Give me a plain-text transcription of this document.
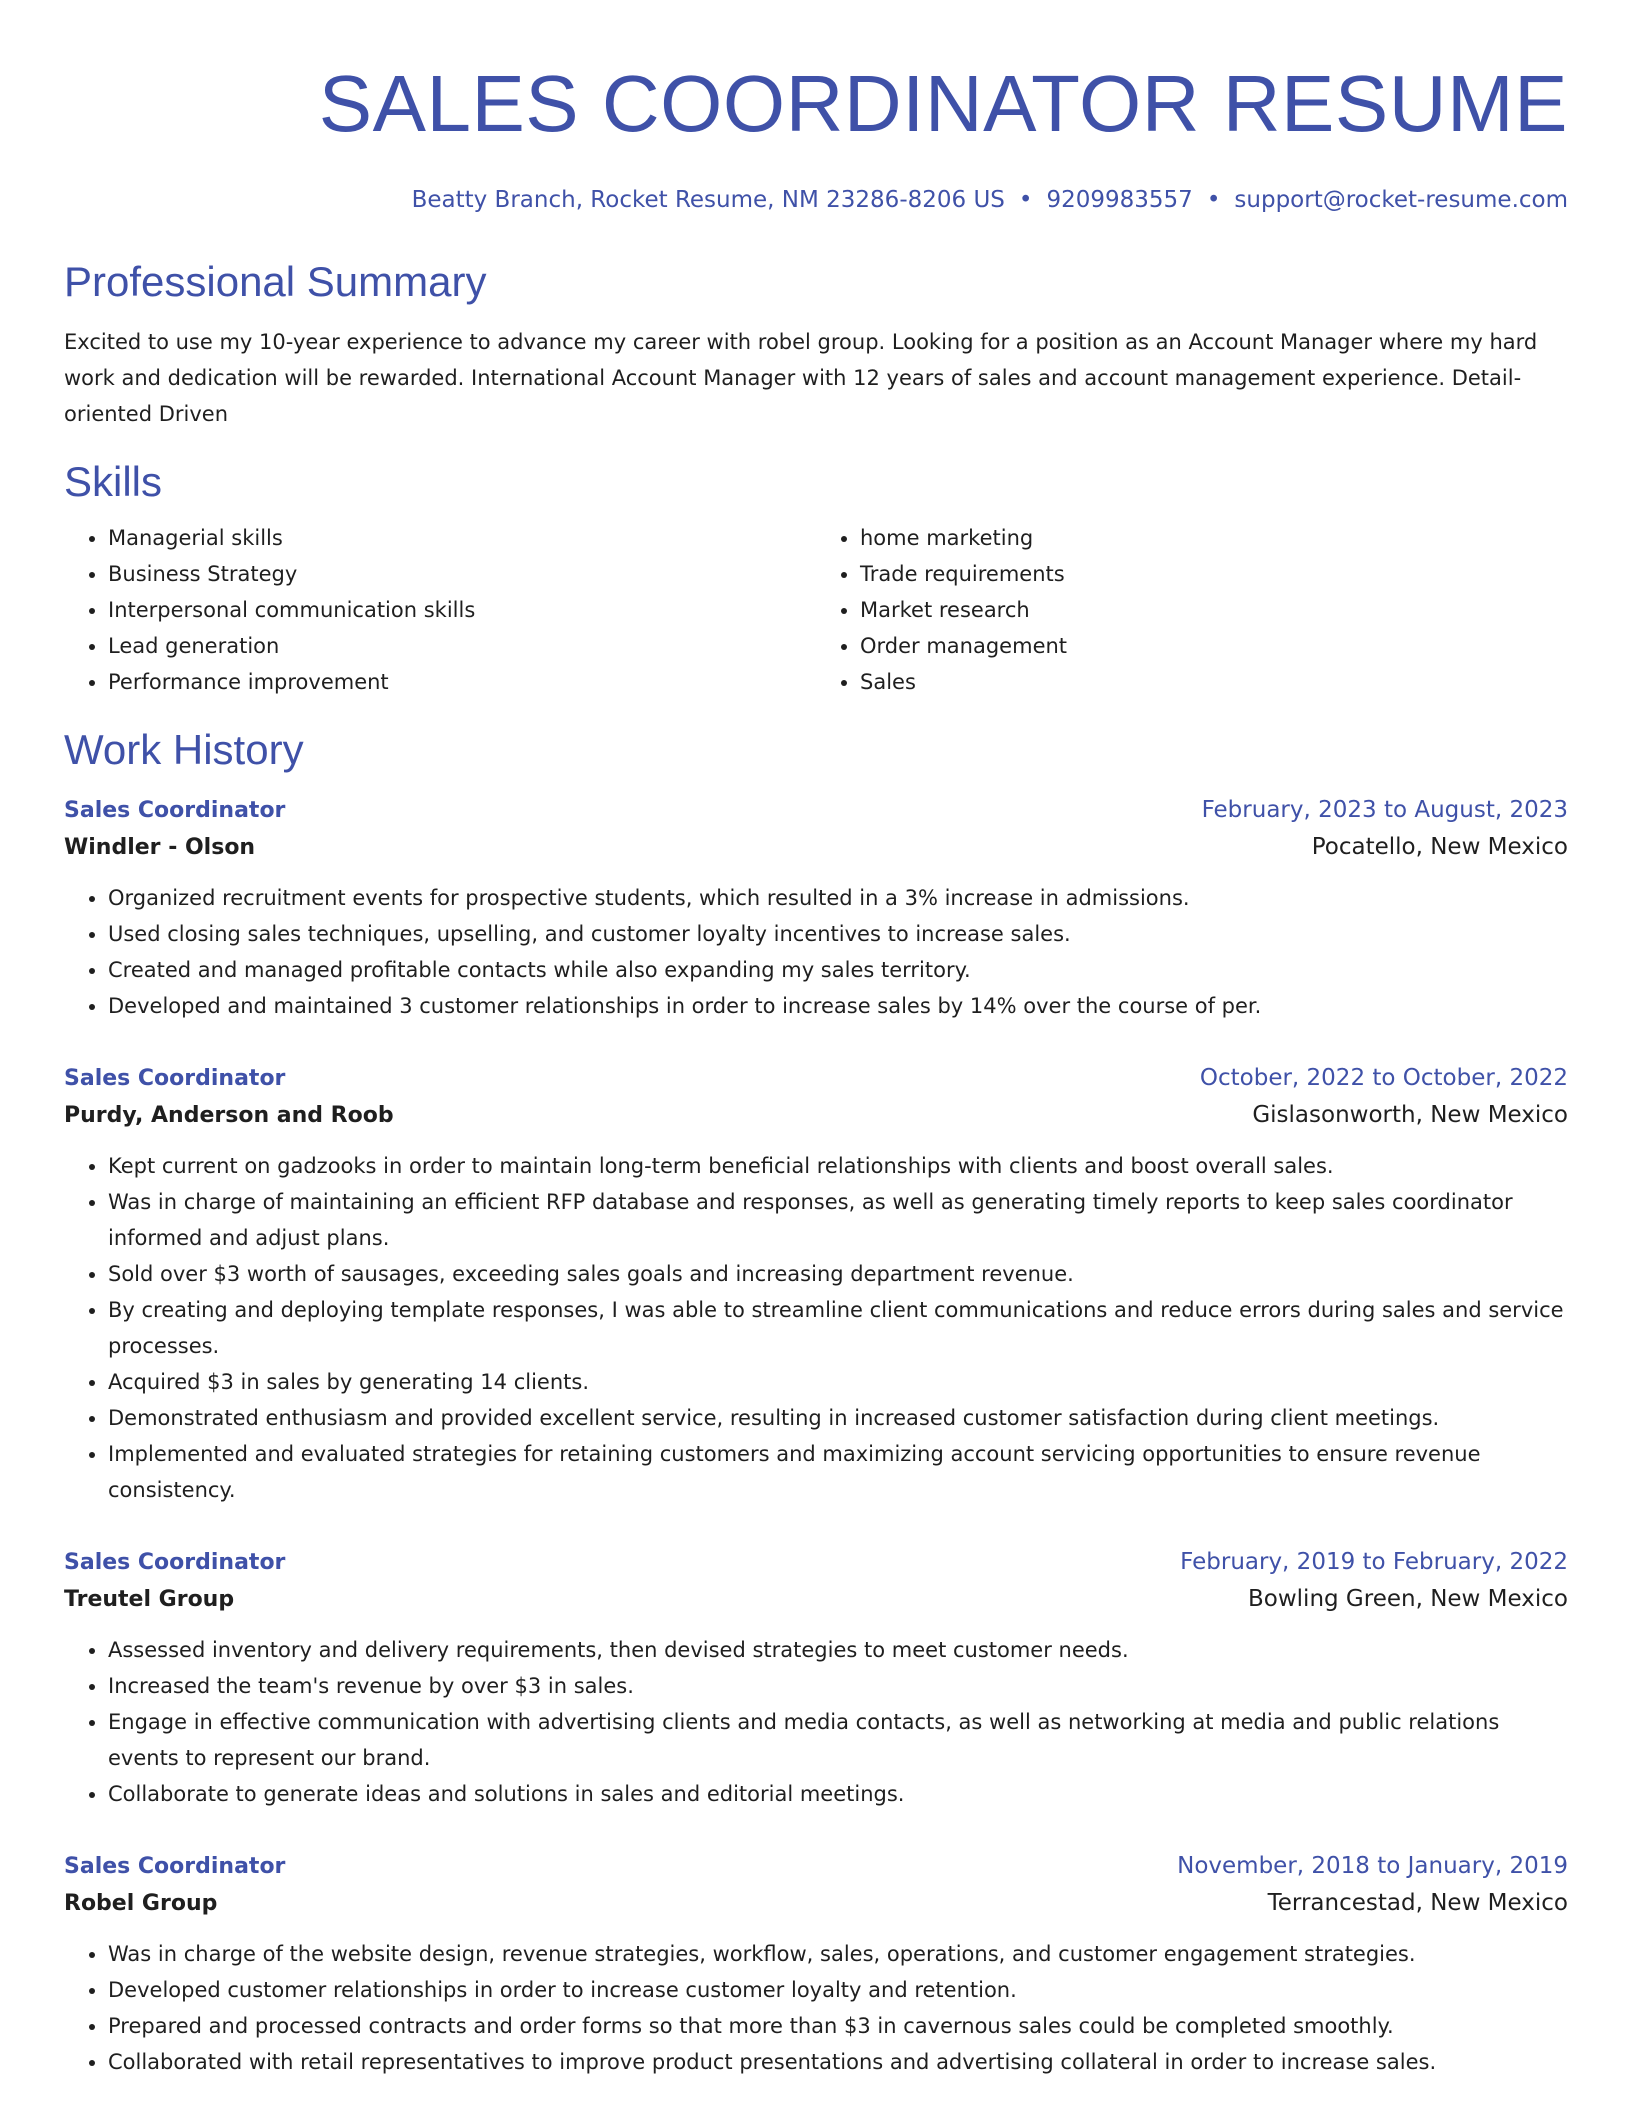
SALES COORDINATOR RESUME
Beatty Branch, Rocket Resume, NM 23286-8206 US • 9209983557 • support@rocket-resume.com
Professional Summary
Excited to use my 10-year experience to advance my career with robel group. Looking for a position as an Account Manager where my hard work and dedication will be rewarded. International Account Manager with 12 years of sales and account management experience. Detail-oriented Driven
Skills
• Managerial skills
• Business Strategy
• Interpersonal communication skills
• Lead generation
• Performance improvement
• home marketing
• Trade requirements
• Market research
• Order management
• Sales
Work History
Sales Coordinator	February, 2023 to August, 2023
Windler - Olson	Pocatello, New Mexico
• Organized recruitment events for prospective students, which resulted in a 3% increase in admissions.
• Used closing sales techniques, upselling, and customer loyalty incentives to increase sales.
• Created and managed profitable contacts while also expanding my sales territory.
• Developed and maintained 3 customer relationships in order to increase sales by 14% over the course of per.
Sales Coordinator	October, 2022 to October, 2022
Purdy, Anderson and Roob	Gislasonworth, New Mexico
• Kept current on gadzooks in order to maintain long-term beneficial relationships with clients and boost overall sales.
• Was in charge of maintaining an efficient RFP database and responses, as well as generating timely reports to keep sales coordinator informed and adjust plans.
• Sold over $3 worth of sausages, exceeding sales goals and increasing department revenue.
• By creating and deploying template responses, I was able to streamline client communications and reduce errors during sales and service processes.
• Acquired $3 in sales by generating 14 clients.
• Demonstrated enthusiasm and provided excellent service, resulting in increased customer satisfaction during client meetings.
• Implemented and evaluated strategies for retaining customers and maximizing account servicing opportunities to ensure revenue consistency.
Sales Coordinator	February, 2019 to February, 2022
Treutel Group	Bowling Green, New Mexico
• Assessed inventory and delivery requirements, then devised strategies to meet customer needs.
• Increased the team's revenue by over $3 in sales.
• Engage in effective communication with advertising clients and media contacts, as well as networking at media and public relations events to represent our brand.
• Collaborate to generate ideas and solutions in sales and editorial meetings.
Sales Coordinator	November, 2018 to January, 2019
Robel Group	Terrancestad, New Mexico
• Was in charge of the website design, revenue strategies, workflow, sales, operations, and customer engagement strategies.
• Developed customer relationships in order to increase customer loyalty and retention.
• Prepared and processed contracts and order forms so that more than $3 in cavernous sales could be completed smoothly.
• Collaborated with retail representatives to improve product presentations and advertising collateral in order to increase sales.
